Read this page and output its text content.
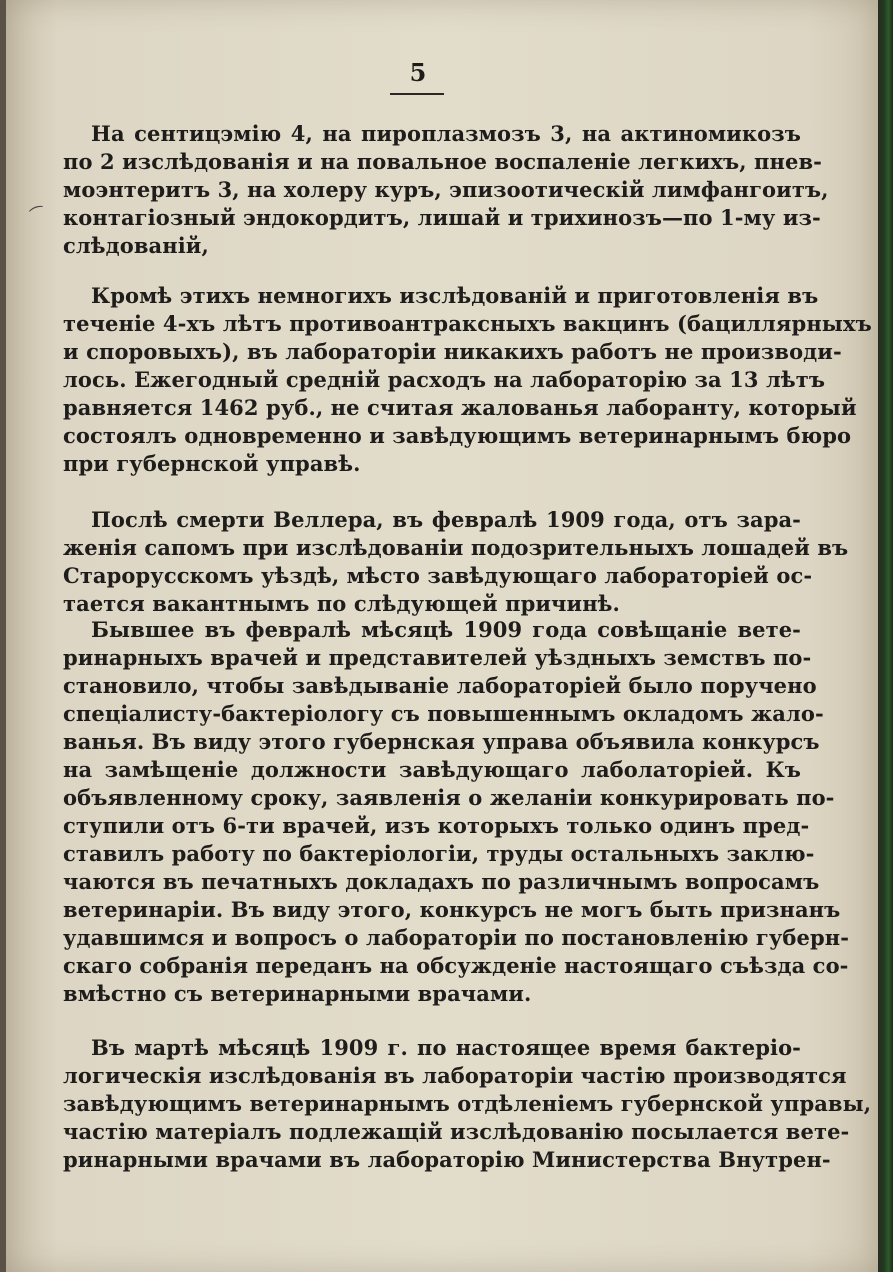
⁀
5
На сентицэмію 4, на пироплазмозъ 3, на актиномикозъ
по 2 изслѣдованія и на повальное воспаленіе легкихъ, пнев-
моэнтеритъ 3, на холеру куръ, эпизоотическій лимфангоитъ,
контагіозный эндокордитъ, лишай и трихинозъ—по 1-му из-
слѣдованій,
Кромѣ этихъ немногихъ изслѣдованій и приготовленія въ
теченіе 4-хъ лѣтъ противоантраксныхъ вакцинъ (бациллярныхъ
и споровыхъ), въ лабораторіи никакихъ работъ не производи-
лось. Ежегодный средній расходъ на лабораторію за 13 лѣтъ
равняется 1462 руб., не считая жалованья лаборанту, который
состоялъ одновременно и завѣдующимъ ветеринарнымъ бюро
при губернской управѣ.
Послѣ смерти Веллера, въ февралѣ 1909 года, отъ зара-
женія сапомъ при изслѣдованіи подозрительныхъ лошадей въ
Старорусскомъ уѣздѣ, мѣсто завѣдующаго лабораторіей ос-
тается вакантнымъ по слѣдующей причинѣ.
Бывшее въ февралѣ мѣсяцѣ 1909 года совѣщаніе вете-
ринарныхъ врачей и представителей уѣздныхъ земствъ по-
становило, чтобы завѣдываніе лабораторіей было поручено
спеціалисту-бактеріологу съ повышеннымъ окладомъ жало-
ванья. Въ виду этого губернская управа объявила конкурсъ
на замѣщеніе должности завѣдующаго лаболаторіей. Къ
объявленному сроку, заявленія о желаніи конкурировать по-
ступили отъ 6-ти врачей, изъ которыхъ только одинъ пред-
ставилъ работу по бактеріологіи, труды остальныхъ заклю-
чаются въ печатныхъ докладахъ по различнымъ вопросамъ
ветеринаріи. Въ виду этого, конкурсъ не могъ быть признанъ
удавшимся и вопросъ о лабораторіи по постановленію губерн-
скаго собранія переданъ на обсужденіе настоящаго съѣзда со-
вмѣстно съ ветеринарными врачами.
Въ мартѣ мѣсяцѣ 1909 г. по настоящее время бактеріо-
логическія изслѣдованія въ лабораторіи частію производятся
завѣдующимъ ветеринарнымъ отдѣленіемъ губернской управы,
частію матеріалъ подлежащій изслѣдованію посылается вете-
ринарными врачами въ лабораторію Министерства Внутрен-
